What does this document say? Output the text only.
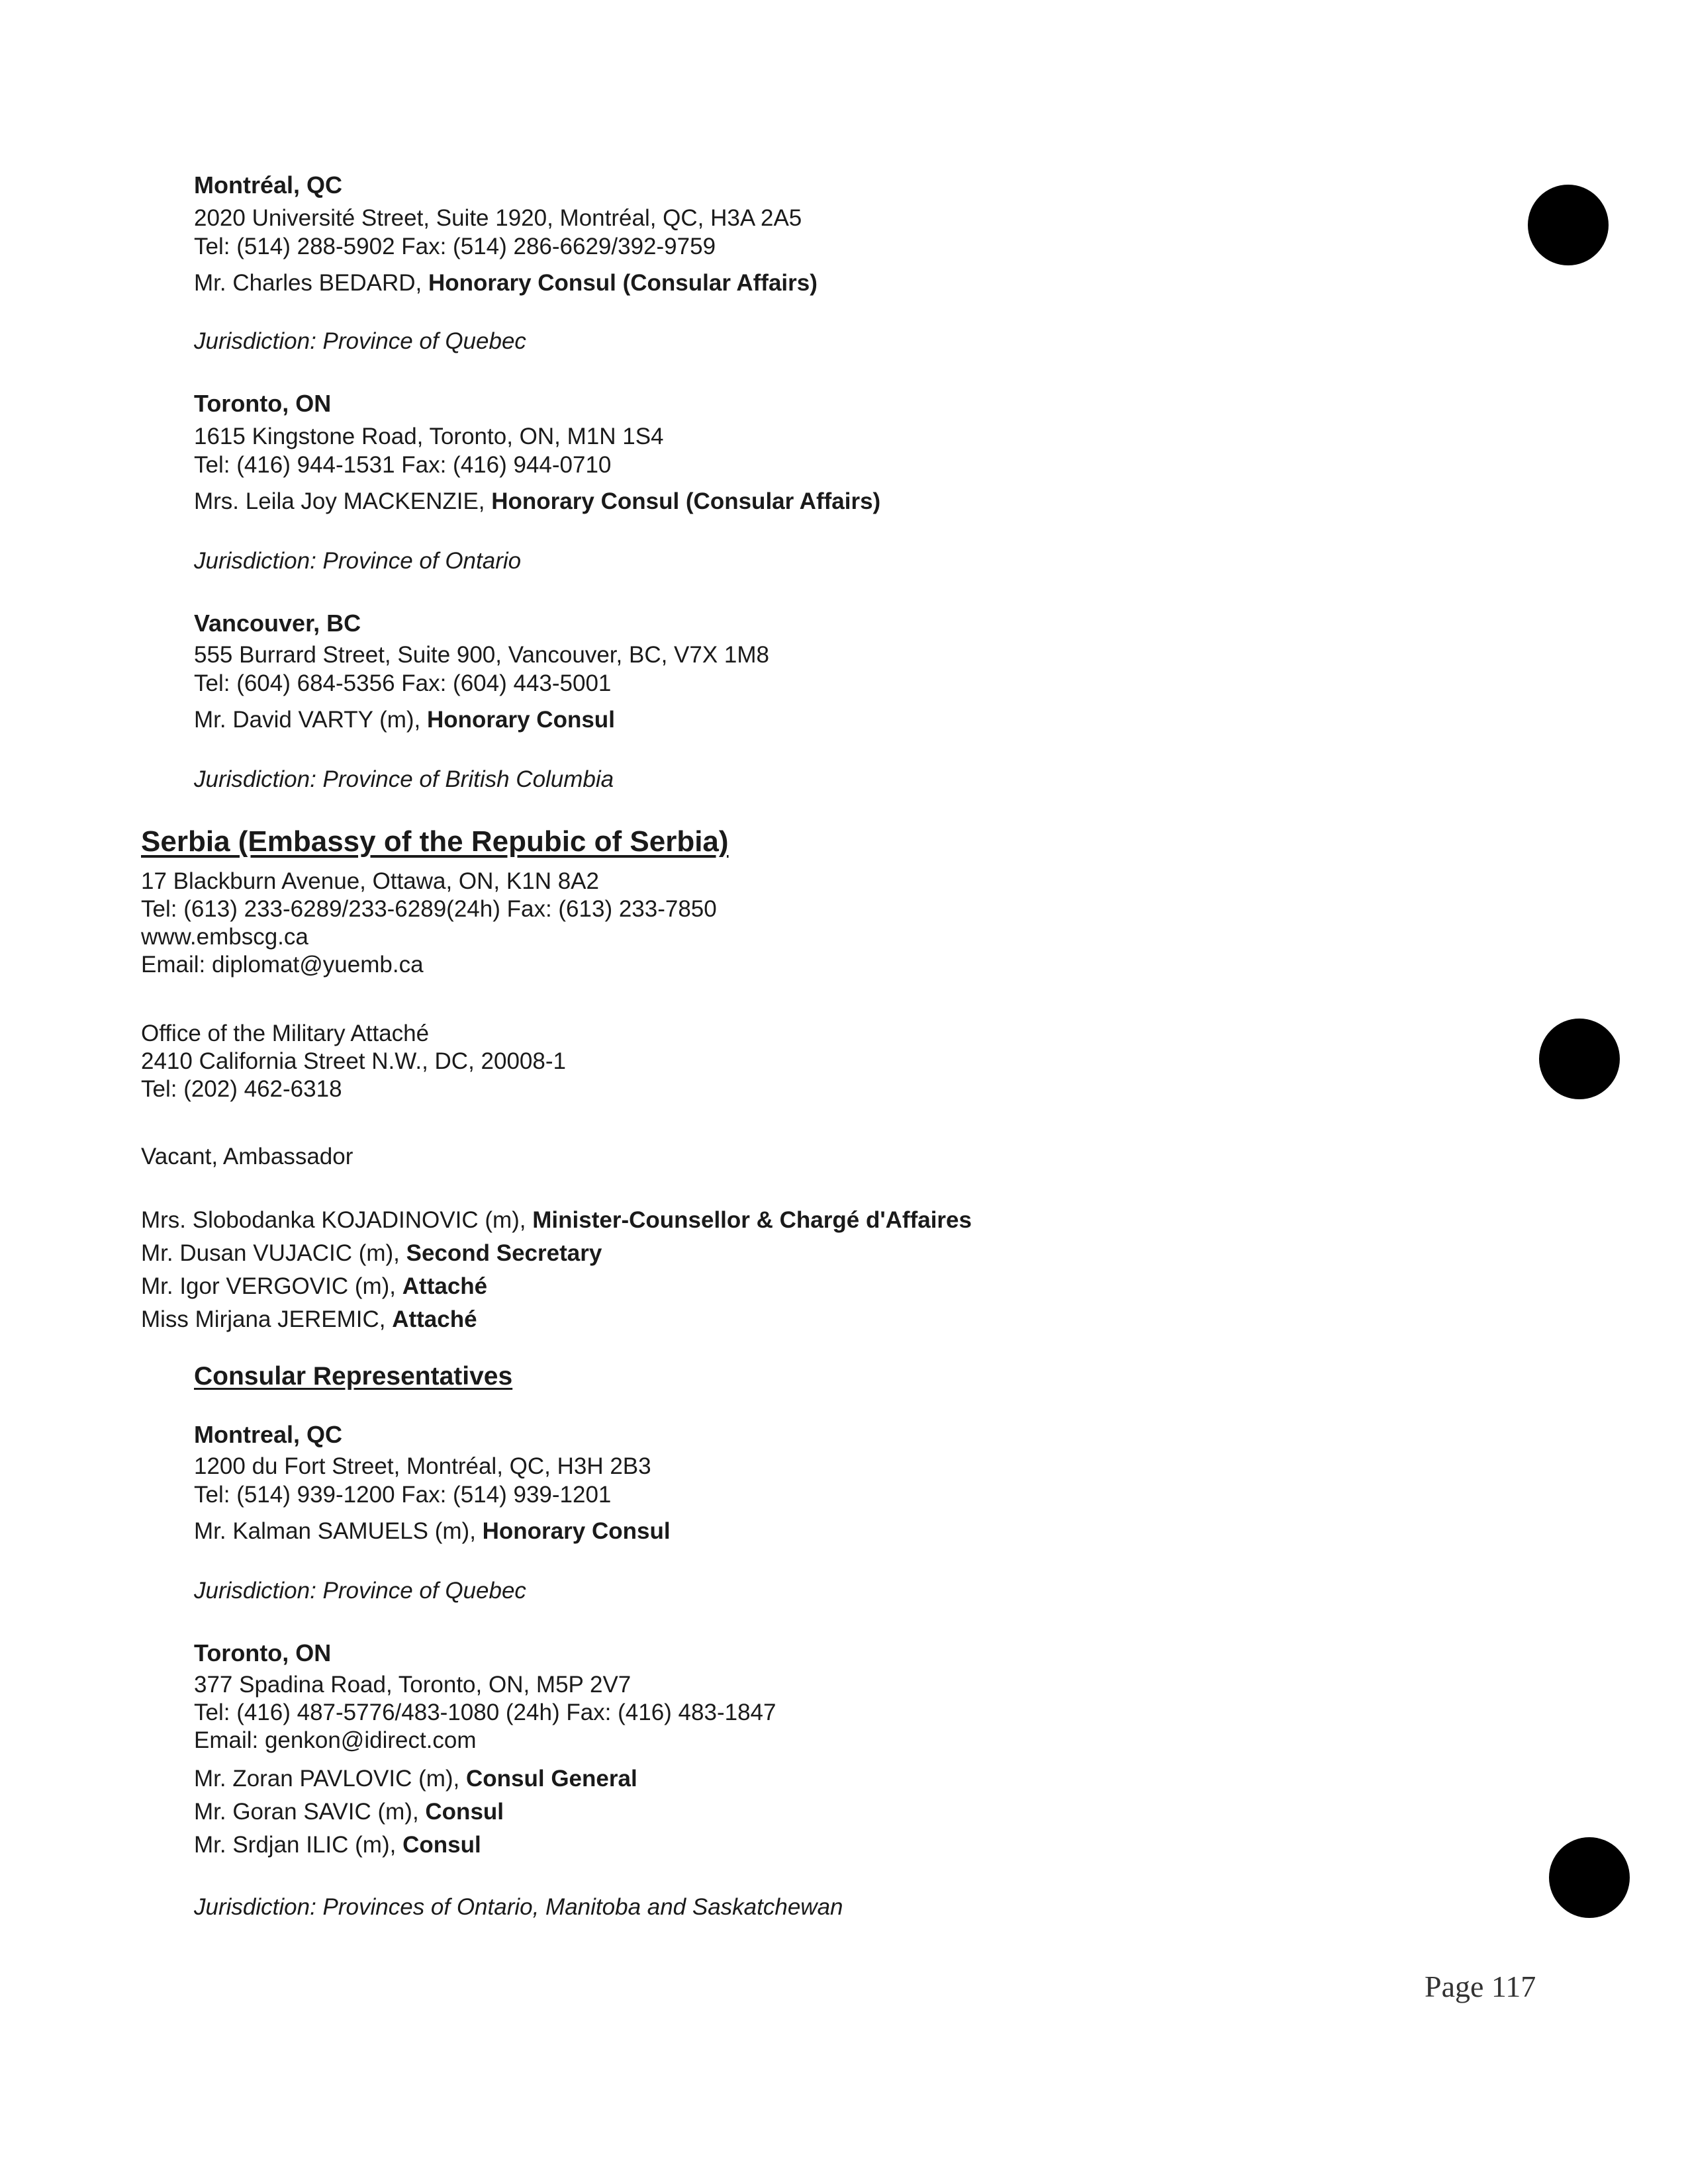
Montréal, QC
2020 Université Street, Suite 1920, Montréal, QC, H3A 2A5
Tel: (514) 288-5902 Fax: (514) 286-6629/392-9759
Mr. Charles BEDARD, Honorary Consul (Consular Affairs)
Jurisdiction: Province of Quebec
Toronto, ON
1615 Kingstone Road, Toronto, ON, M1N 1S4
Tel: (416) 944-1531 Fax: (416) 944-0710
Mrs. Leila Joy MACKENZIE, Honorary Consul (Consular Affairs)
Jurisdiction: Province of Ontario
Vancouver, BC
555 Burrard Street, Suite 900, Vancouver, BC, V7X 1M8
Tel: (604) 684-5356 Fax: (604) 443-5001
Mr. David VARTY (m), Honorary Consul
Jurisdiction: Province of British Columbia
Serbia (Embassy of the Repubic of Serbia)
17 Blackburn Avenue, Ottawa, ON, K1N 8A2
Tel: (613) 233-6289/233-6289(24h) Fax: (613) 233-7850
www.embscg.ca
Email: diplomat@yuemb.ca
Office of the Military Attaché
2410 California Street N.W., DC, 20008-1
Tel: (202) 462-6318
Vacant, Ambassador
Mrs. Slobodanka KOJADINOVIC (m), Minister-Counsellor & Chargé d'Affaires
Mr. Dusan VUJACIC (m), Second Secretary
Mr. Igor VERGOVIC (m), Attaché
Miss Mirjana JEREMIC, Attaché
Consular Representatives
Montreal, QC
1200 du Fort Street, Montréal, QC, H3H 2B3
Tel: (514) 939-1200 Fax: (514) 939-1201
Mr. Kalman SAMUELS (m), Honorary Consul
Jurisdiction: Province of Quebec
Toronto, ON
377 Spadina Road, Toronto, ON, M5P 2V7
Tel: (416) 487-5776/483-1080 (24h) Fax: (416) 483-1847
Email: genkon@idirect.com
Mr. Zoran PAVLOVIC (m), Consul General
Mr. Goran SAVIC (m), Consul
Mr. Srdjan ILIC (m), Consul
Jurisdiction: Provinces of Ontario, Manitoba and Saskatchewan
Page 117
